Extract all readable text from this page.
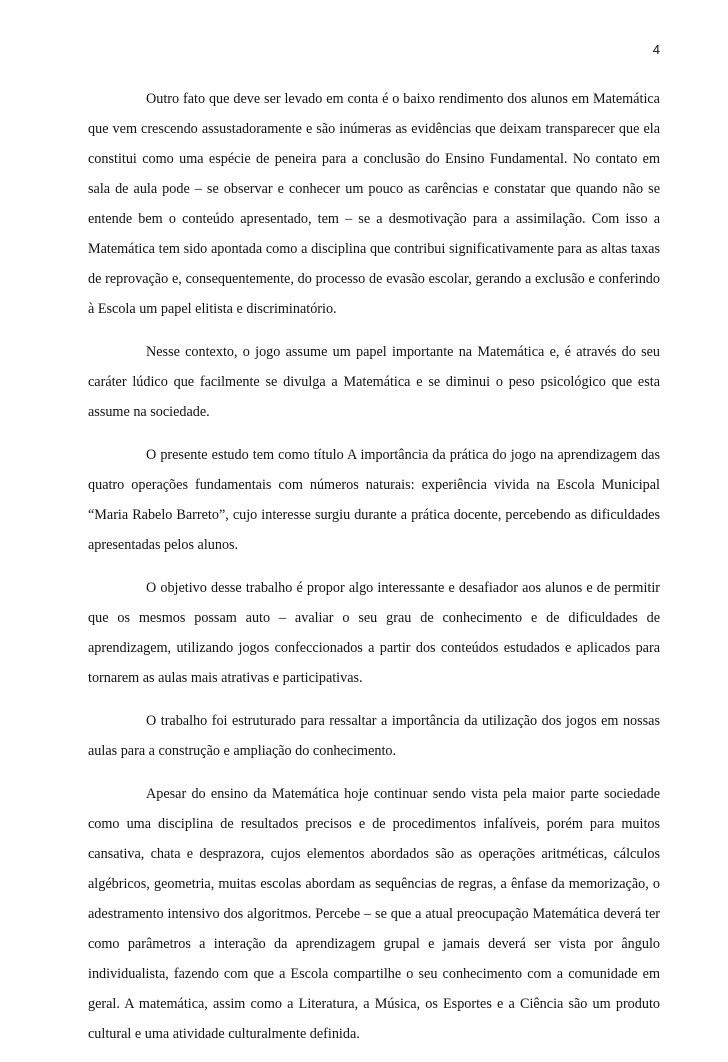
4

Outro fato que deve ser levado em conta é o baixo rendimento dos alunos em Matemática que vem crescendo assustadoramente e são inúmeras as evidências que deixam transparecer que ela constitui como uma espécie de peneira para a conclusão do Ensino Fundamental. No contato em sala de aula pode – se observar e conhecer um pouco as carências e constatar que quando não se entende bem o conteúdo apresentado, tem – se a desmotivação para a assimilação. Com isso a Matemática tem sido apontada como a disciplina que contribui significativamente para as altas taxas de reprovação e, consequentemente, do processo de evasão escolar, gerando a exclusão e conferindo à Escola um papel elitista e discriminatório.

Nesse contexto, o jogo assume um papel importante na Matemática e, é através do seu caráter lúdico que facilmente se divulga a Matemática e se diminui o peso psicológico que esta assume na sociedade.

O presente estudo tem como título A importância da prática do jogo na aprendizagem das quatro operações fundamentais com números naturais: experiência vivida na Escola Municipal “Maria Rabelo Barreto”, cujo interesse surgiu durante a prática docente, percebendo as dificuldades apresentadas pelos alunos.

O objetivo desse trabalho é propor algo interessante e desafiador aos alunos e de permitir que os mesmos possam auto – avaliar o seu grau de conhecimento e de dificuldades de aprendizagem, utilizando jogos confeccionados a partir dos conteúdos estudados e aplicados para tornarem as aulas mais atrativas e participativas.

O trabalho foi estruturado para ressaltar a importância da utilização dos jogos em nossas aulas para a construção e ampliação do conhecimento.

Apesar do ensino da Matemática hoje continuar sendo vista pela maior parte sociedade como uma disciplina de resultados precisos e de procedimentos infalíveis, porém para muitos cansativa, chata e desprazora, cujos elementos abordados são as operações aritméticas, cálculos algébricos, geometria, muitas escolas abordam as sequências de regras, a ênfase da memorização, o adestramento intensivo dos algoritmos. Percebe – se que a atual preocupação Matemática deverá ter como parâmetros a interação da aprendizagem grupal e jamais deverá ser vista por ângulo individualista, fazendo com que a Escola compartilhe o seu conhecimento com a comunidade em geral. A matemática, assim como a Literatura, a Música, os Esportes e a Ciência são um produto cultural e uma atividade culturalmente definida.
